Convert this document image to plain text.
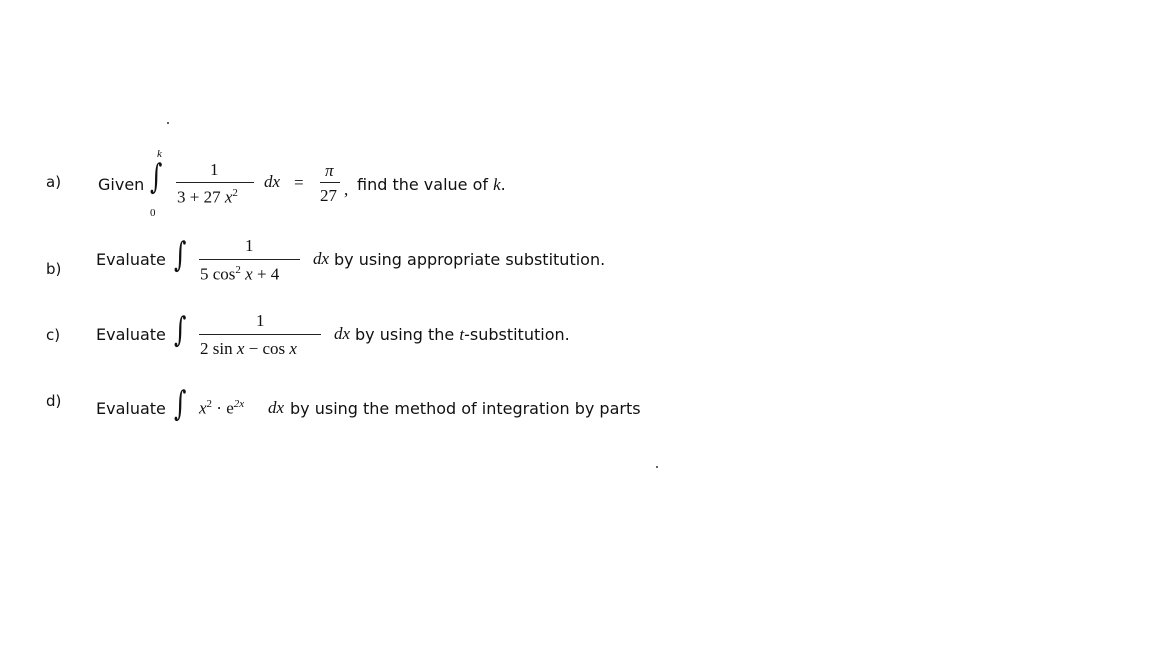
a) Given
k
∫
0
1
3 + 27 $x^2$
dx =
π
27 , find the value of k.
b) Evaluate ∫	1
5 $\cos^2 x + 4$
dx by using appropriate substitution.
c) Evaluate ∫	1
2 sin x − cos x
dx by using the t-substitution.
d) Evaluate ∫ $x^2 \cdot e^{2x}$ dx by using the method of integration by parts
